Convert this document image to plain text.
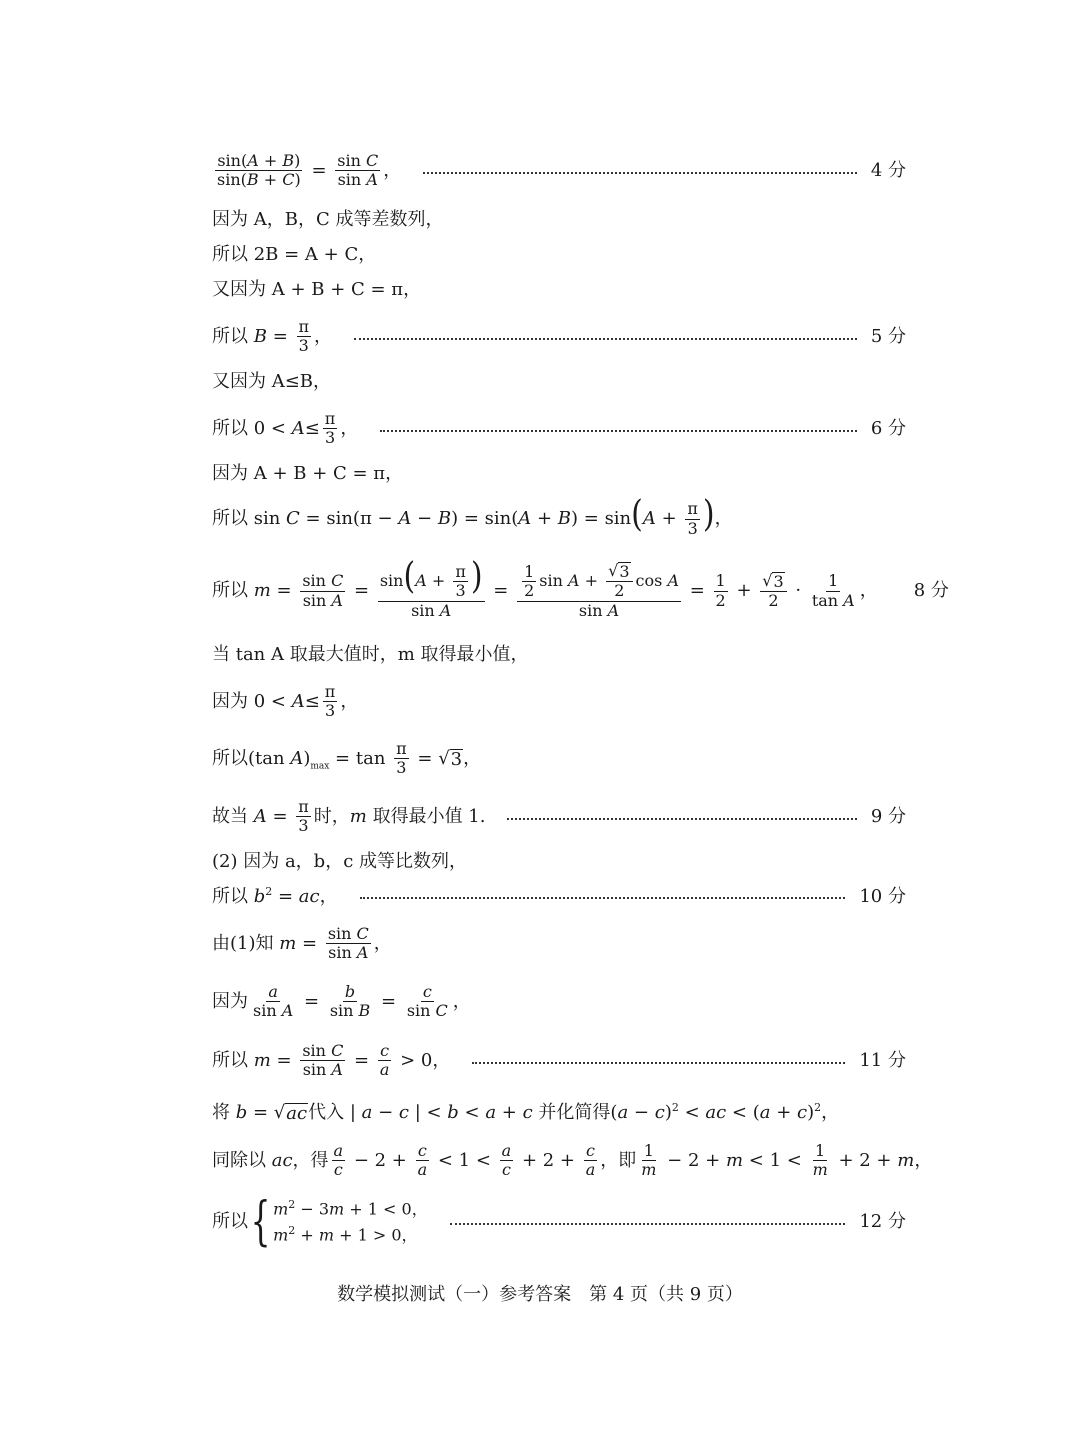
$\frac{\sin(A + B)}{\sin(B + C)} = \frac{\text{sin C}}{\text{sin A}}$ ，	4 分
因为 A，B，C 成等差数列，
所以 2B = A + C，
又因为 A + B + C = π，
所以 $B = \frac{\pi}{3}$ ，	5 分
又因为 A≤B，
所以 $0 < A\le \frac{\pi}{3}$ ，	6 分
因为 A + B + C = π，
所以 $\sin C = \sin(\pi - A - B) = \sin(A + B) = \sin(A + \frac{\pi}{3}$ )，
所以 $m = \frac{\text{sin C}}{\text{sin A}} = \frac{\sin(A + \frac{\pi}{3} )}{\text{sin A}} = \frac{\frac{1}{2} \sin A + \frac{√ 3}{2} \cos A}{\text{sin A}} = \frac{1}{2} + \frac{√ 3}{2} \cdot \frac{1}{\text{tan A}}$ ， 8 分
当 tan A 取最大值时，m 取得最小值，
因为 $0 < A\le \frac{\pi}{3}$ ，
所以(tan $A)_{max} = \tan \frac{\pi}{3}$ = √ 3 ，
故当 $A = \frac{\pi}{3}$ 时，m 取得最小值 1.	9 分
(2) 因为 a，b，c 成等比数列，
所以 $b^2$ = ac，	10 分
由(1)知 $m = \frac{\text{sin C}}{\text{sin A}}$ ，
因为 $\frac{a}{\text{sin A}} = \frac{b}{\text{sin B}} = \frac{c}{\text{sin C}}$ ，
所以 $m = \frac{\text{sin C}}{\text{sin A}} = \frac{c}{a} > 0$，	11 分
将 b = √ ac 代入 | a − c | < b < a + c 并化简得$(a - c)^2$ < ac < $(a + c)^2$，
同除以 ac，得 $\frac{a}{c} - 2 + \frac{c}{a} < 1 < \frac{a}{c} + 2 + \frac{c}{a}$ ，即 $\frac{1}{m} - 2 + m < 1 < \frac{1}{m} + 2 + m$，
所以 { $m^2 - 3m + 1 < 0$，
$m^2 + m + 1 > 0$，
12 分
数学模拟测试（一）参考答案　第 4 页（共 9 页）
